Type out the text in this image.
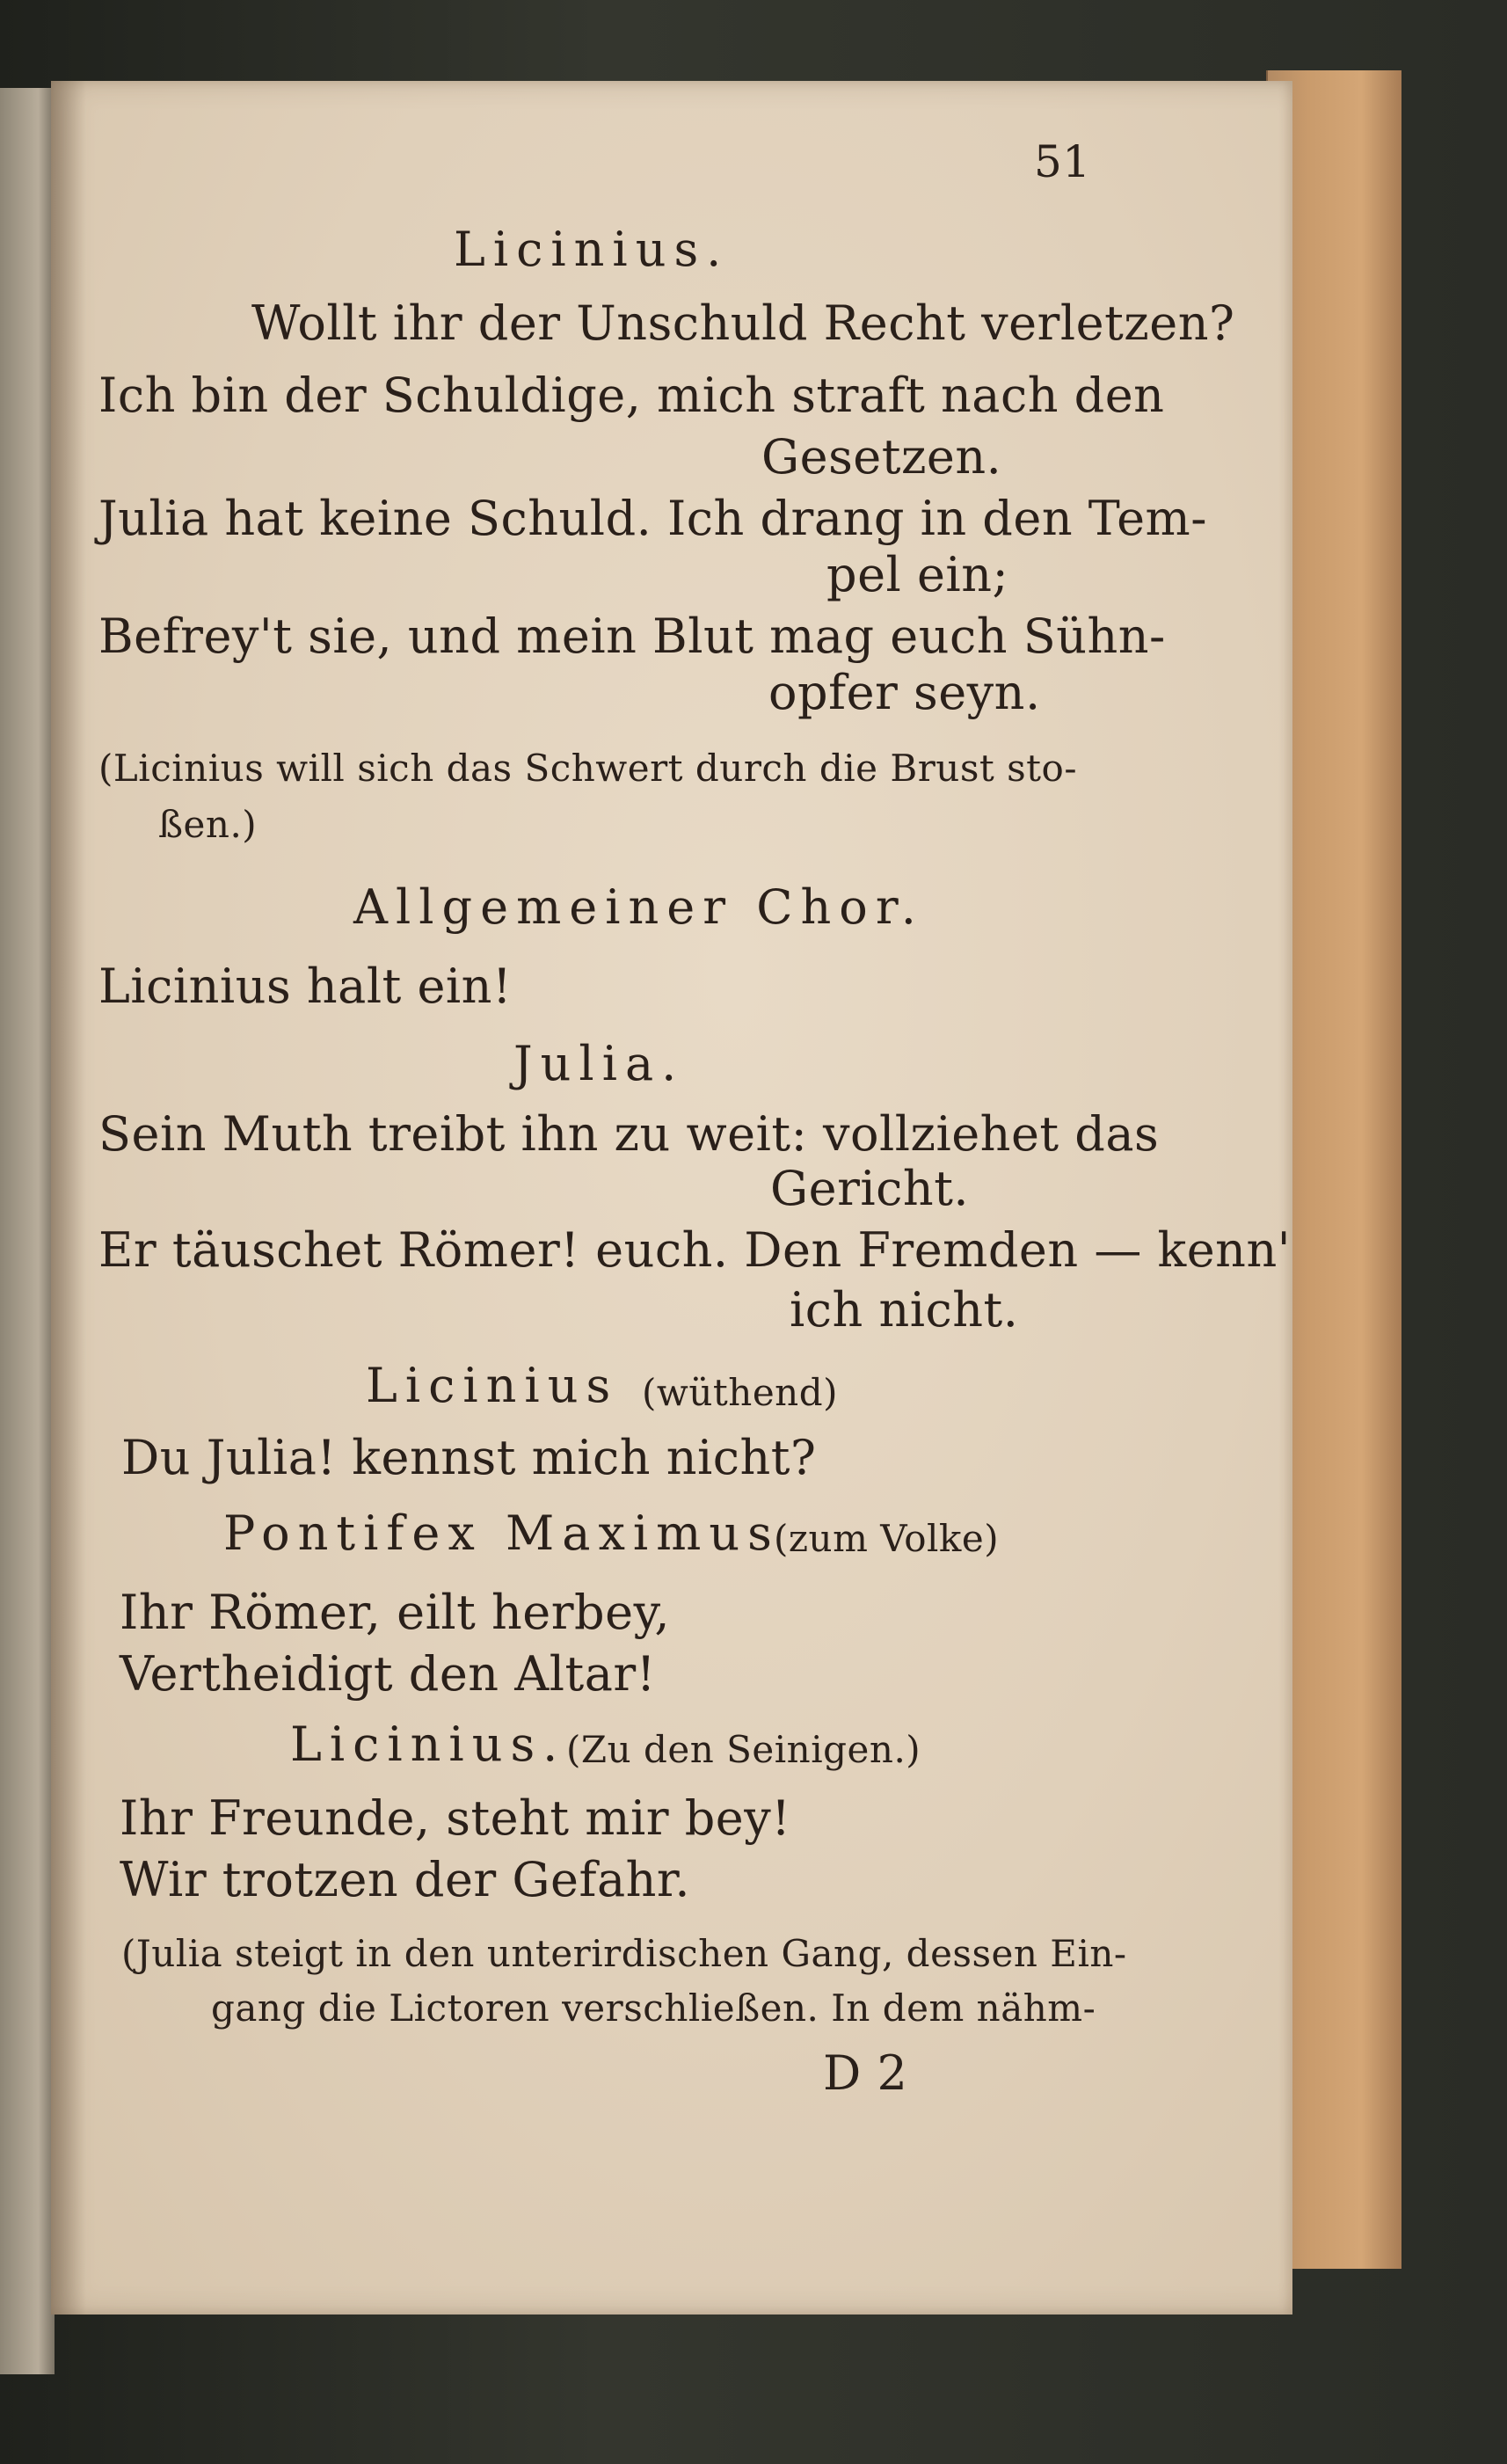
51
Licinius.
Wollt ihr der Unschuld Recht verletzen?
Ich bin der Schuldige, mich straft nach den
Gesetzen.
Julia hat keine Schuld. Ich drang in den Tem-
pel ein;
Befrey't sie, und mein Blut mag euch Sühn-
opfer seyn.
(Licinius will sich das Schwert durch die Brust sto-
ßen.)
Allgemeiner Chor.
Licinius halt ein!
Julia.
Sein Muth treibt ihn zu weit: vollziehet das
Gericht.
Er täuschet Römer! euch. Den Fremden — kenn'
ich nicht.
Licinius (wüthend)
Du Julia! kennst mich nicht?
Pontifex Maximus
(zum Volke)
Ihr Römer, eilt herbey,
Vertheidigt den Altar!
Licinius. (Zu den Seinigen.)
Ihr Freunde, steht mir bey!
Wir trotzen der Gefahr.
(Julia steigt in den unterirdischen Gang, dessen Ein-
gang die Lictoren verschließen. In dem nähm-
D 2
